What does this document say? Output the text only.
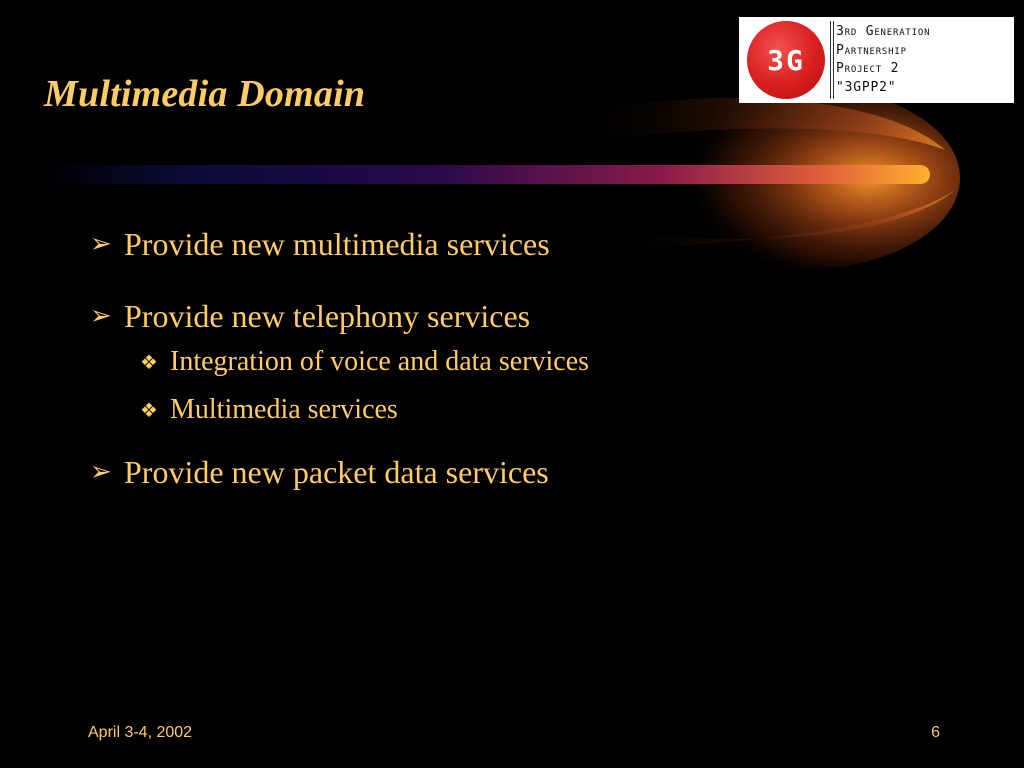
Multimedia Domain
3G
3rd Generation
Partnership
Project 2
"3GPP2"
➢ Provide new multimedia services
➢ Provide new telephony services
❖ Integration of voice and data services
❖ Multimedia services
➢ Provide new packet data services
April 3-4, 2002	6
